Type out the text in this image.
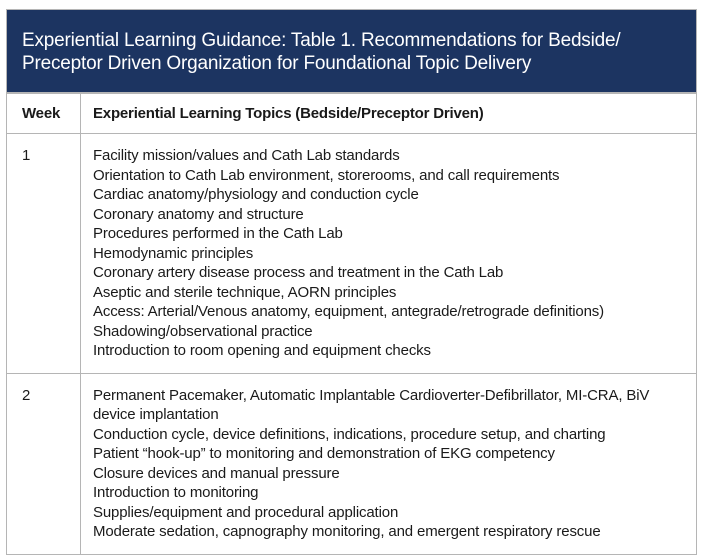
Experiential Learning Guidance: Table 1. Recommendations for Bedside/ Preceptor Driven Organization for Foundational Topic Delivery
Week	Experiential Learning Topics (Bedside/Preceptor Driven)
1	Facility mission/values and Cath Lab standards
Orientation to Cath Lab environment, storerooms, and call requirements
Cardiac anatomy/physiology and conduction cycle
Coronary anatomy and structure
Procedures performed in the Cath Lab
Hemodynamic principles
Coronary artery disease process and treatment in the Cath Lab
Aseptic and sterile technique, AORN principles
Access: Arterial/Venous anatomy, equipment, antegrade/retrograde definitions)
Shadowing/observational practice
Introduction to room opening and equipment checks
2	Permanent Pacemaker, Automatic Implantable Cardioverter-Defibrillator, MI-CRA, BiV device implantation
Conduction cycle, device definitions, indications, procedure setup, and charting
Patient “hook-up” to monitoring and demonstration of EKG competency
Closure devices and manual pressure
Introduction to monitoring
Supplies/equipment and procedural application
Moderate sedation, capnography monitoring, and emergent respiratory rescue
